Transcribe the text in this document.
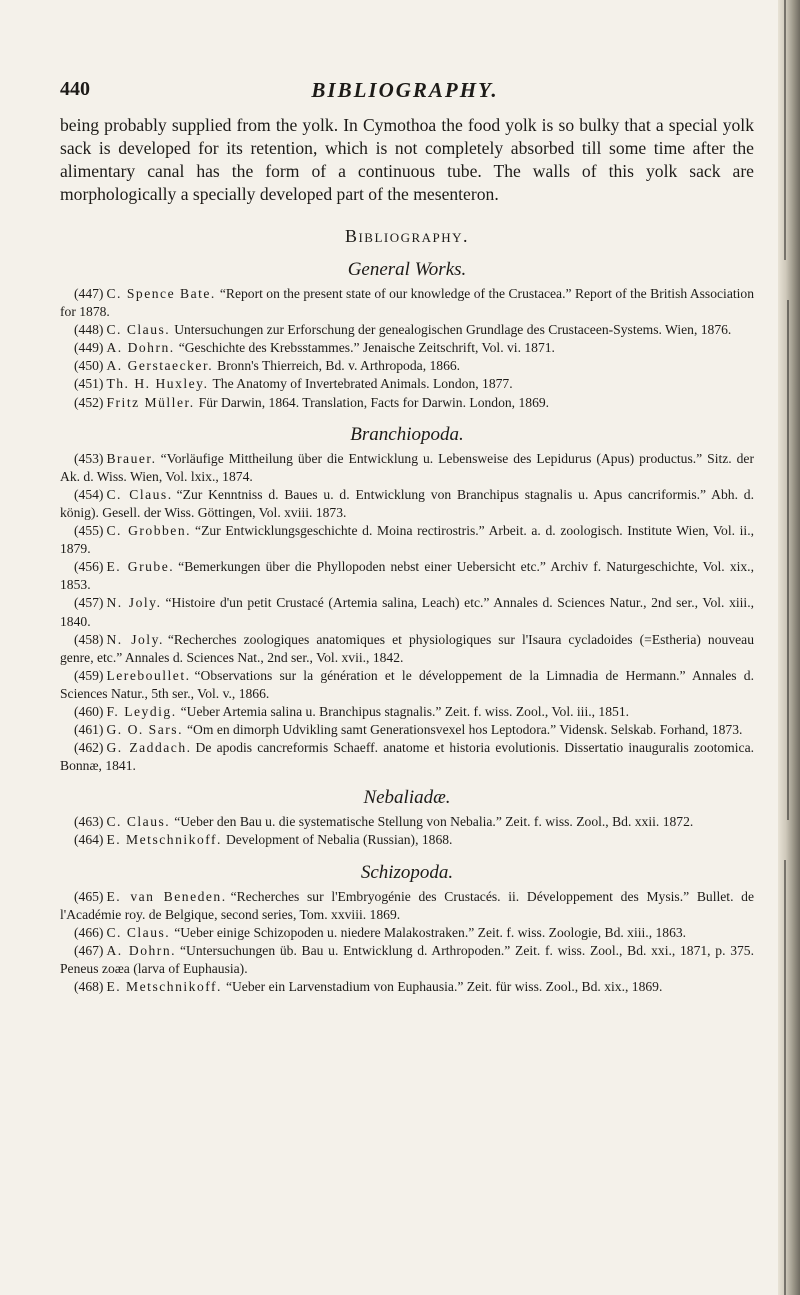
440	BIBLIOGRAPHY.

being probably supplied from the yolk. In Cymothoa the food yolk is so bulky that a special yolk sack is developed for its retention, which is not completely absorbed till some time after the alimentary canal has the form of a continuous tube. The walls of this yolk sack are morphologically a specially developed part of the mesenteron.

Bibliography.
General Works.

(447) C. Spence Bate. “Report on the present state of our knowledge of the Crustacea.” Report of the British Association for 1878.

(448) C. Claus. Untersuchungen zur Erforschung der genealogischen Grundlage des Crustaceen-Systems. Wien, 1876.

(449) A. Dohrn. “Geschichte des Krebsstammes.” Jenaische Zeitschrift, Vol. vi. 1871.

(450) A. Gerstaecker. Bronn's Thierreich, Bd. v. Arthropoda, 1866.

(451) Th. H. Huxley. The Anatomy of Invertebrated Animals. London, 1877.

(452) Fritz Müller. Für Darwin, 1864. Translation, Facts for Darwin. London, 1869.

Branchiopoda.

(453) Brauer. “Vorläufige Mittheilung über die Entwicklung u. Lebensweise des Lepidurus (Apus) productus.” Sitz. der Ak. d. Wiss. Wien, Vol. lxix., 1874.

(454) C. Claus. “Zur Kenntniss d. Baues u. d. Entwicklung von Branchipus stagnalis u. Apus cancriformis.” Abh. d. könig). Gesell. der Wiss. Göttingen, Vol. xviii. 1873.

(455) C. Grobben. “Zur Entwicklungsgeschichte d. Moina rectirostris.” Arbeit. a. d. zoologisch. Institute Wien, Vol. ii., 1879.

(456) E. Grube. “Bemerkungen über die Phyllopoden nebst einer Uebersicht etc.” Archiv f. Naturgeschichte, Vol. xix., 1853.

(457) N. Joly. “Histoire d'un petit Crustacé (Artemia salina, Leach) etc.” Annales d. Sciences Natur., 2nd ser., Vol. xiii., 1840.

(458) N. Joly. “Recherches zoologiques anatomiques et physiologiques sur l'Isaura cycladoides (=Estheria) nouveau genre, etc.” Annales d. Sciences Nat., 2nd ser., Vol. xvii., 1842.

(459) Lereboullet. “Observations sur la génération et le développement de la Limnadia de Hermann.” Annales d. Sciences Natur., 5th ser., Vol. v., 1866.

(460) F. Leydig. “Ueber Artemia salina u. Branchipus stagnalis.” Zeit. f. wiss. Zool., Vol. iii., 1851.

(461) G. O. Sars. “Om en dimorph Udvikling samt Generationsvexel hos Leptodora.” Vidensk. Selskab. Forhand, 1873.

(462) G. Zaddach. De apodis cancreformis Schaeff. anatome et historia evolutionis. Dissertatio inauguralis zootomica. Bonnæ, 1841.

Nebaliadæ.

(463) C. Claus. “Ueber den Bau u. die systematische Stellung von Nebalia.” Zeit. f. wiss. Zool., Bd. xxii. 1872.

(464) E. Metschnikoff. Development of Nebalia (Russian), 1868.

Schizopoda.

(465) E. van Beneden. “Recherches sur l'Embryogénie des Crustacés. ii. Développement des Mysis.” Bullet. de l'Académie roy. de Belgique, second series, Tom. xxviii. 1869.

(466) C. Claus. “Ueber einige Schizopoden u. niedere Malakostraken.” Zeit. f. wiss. Zoologie, Bd. xiii., 1863.

(467) A. Dohrn. “Untersuchungen üb. Bau u. Entwicklung d. Arthropoden.” Zeit. f. wiss. Zool., Bd. xxi., 1871, p. 375. Peneus zoæa (larva of Euphausia).

(468) E. Metschnikoff. “Ueber ein Larvenstadium von Euphausia.” Zeit. für wiss. Zool., Bd. xix., 1869.
